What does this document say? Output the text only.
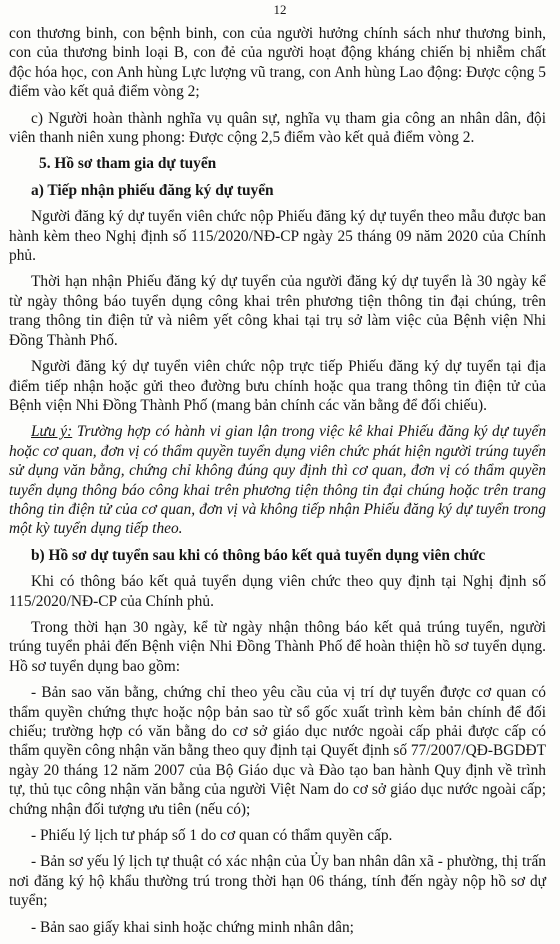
12

con thương binh, con bệnh binh, con của người hưởng chính sách như thương binh, con của thương binh loại B, con đẻ của người hoạt động kháng chiến bị nhiễm chất độc hóa học, con Anh hùng Lực lượng vũ trang, con Anh hùng Lao động: Được cộng 5 điểm vào kết quả điểm vòng 2;

c) Người hoàn thành nghĩa vụ quân sự, nghĩa vụ tham gia công an nhân dân, đội viên thanh niên xung phong: Được cộng 2,5 điểm vào kết quả điểm vòng 2.

5. Hồ sơ tham gia dự tuyển
a) Tiếp nhận phiếu đăng ký dự tuyển

Người đăng ký dự tuyển viên chức nộp Phiếu đăng ký dự tuyển theo mẫu được ban hành kèm theo Nghị định số 115/2020/NĐ-CP ngày 25 tháng 09 năm 2020 của Chính phủ.

Thời hạn nhận Phiếu đăng ký dự tuyển của người đăng ký dự tuyển là 30 ngày kể từ ngày thông báo tuyển dụng công khai trên phương tiện thông tin đại chúng, trên trang thông tin điện tử và niêm yết công khai tại trụ sở làm việc của Bệnh viện Nhi Đồng Thành Phố.

Người đăng ký dự tuyển viên chức nộp trực tiếp Phiếu đăng ký dự tuyển tại địa điểm tiếp nhận hoặc gửi theo đường bưu chính hoặc qua trang thông tin điện tử của Bệnh viện Nhi Đồng Thành Phố (mang bản chính các văn bằng để đối chiếu).

Lưu ý: Trường hợp có hành vi gian lận trong việc kê khai Phiếu đăng ký dự tuyển hoặc cơ quan, đơn vị có thẩm quyền tuyển dụng viên chức phát hiện người trúng tuyển sử dụng văn bằng, chứng chỉ không đúng quy định thì cơ quan, đơn vị có thẩm quyền tuyển dụng thông báo công khai trên phương tiện thông tin đại chúng hoặc trên trang thông tin điện tử của cơ quan, đơn vị và không tiếp nhận Phiếu đăng ký dự tuyển trong một kỳ tuyển dụng tiếp theo.

b) Hồ sơ dự tuyển sau khi có thông báo kết quả tuyển dụng viên chức

Khi có thông báo kết quả tuyển dụng viên chức theo quy định tại Nghị định số 115/2020/NĐ-CP của Chính phủ.

Trong thời hạn 30 ngày, kể từ ngày nhận thông báo kết quả trúng tuyển, người trúng tuyển phải đến Bệnh viện Nhi Đồng Thành Phố để hoàn thiện hồ sơ tuyển dụng. Hồ sơ tuyển dụng bao gồm:

- Bản sao văn bằng, chứng chỉ theo yêu cầu của vị trí dự tuyển được cơ quan có thẩm quyền chứng thực hoặc nộp bản sao từ sổ gốc xuất trình kèm bản chính để đối chiếu; trường hợp có văn bằng do cơ sở giáo dục nước ngoài cấp phải được cấp có thẩm quyền công nhận văn bằng theo quy định tại Quyết định số 77/2007/QĐ-BGDĐT ngày 20 tháng 12 năm 2007 của Bộ Giáo dục và Đào tạo ban hành Quy định về trình tự, thủ tục công nhận văn bằng của người Việt Nam do cơ sở giáo dục nước ngoài cấp; chứng nhận đối tượng ưu tiên (nếu có);

- Phiếu lý lịch tư pháp số 1 do cơ quan có thẩm quyền cấp.

- Bản sơ yếu lý lịch tự thuật có xác nhận của Ủy ban nhân dân xã - phường, thị trấn nơi đăng ký hộ khẩu thường trú trong thời hạn 06 tháng, tính đến ngày nộp hồ sơ dự tuyển;

- Bản sao giấy khai sinh hoặc chứng minh nhân dân;
